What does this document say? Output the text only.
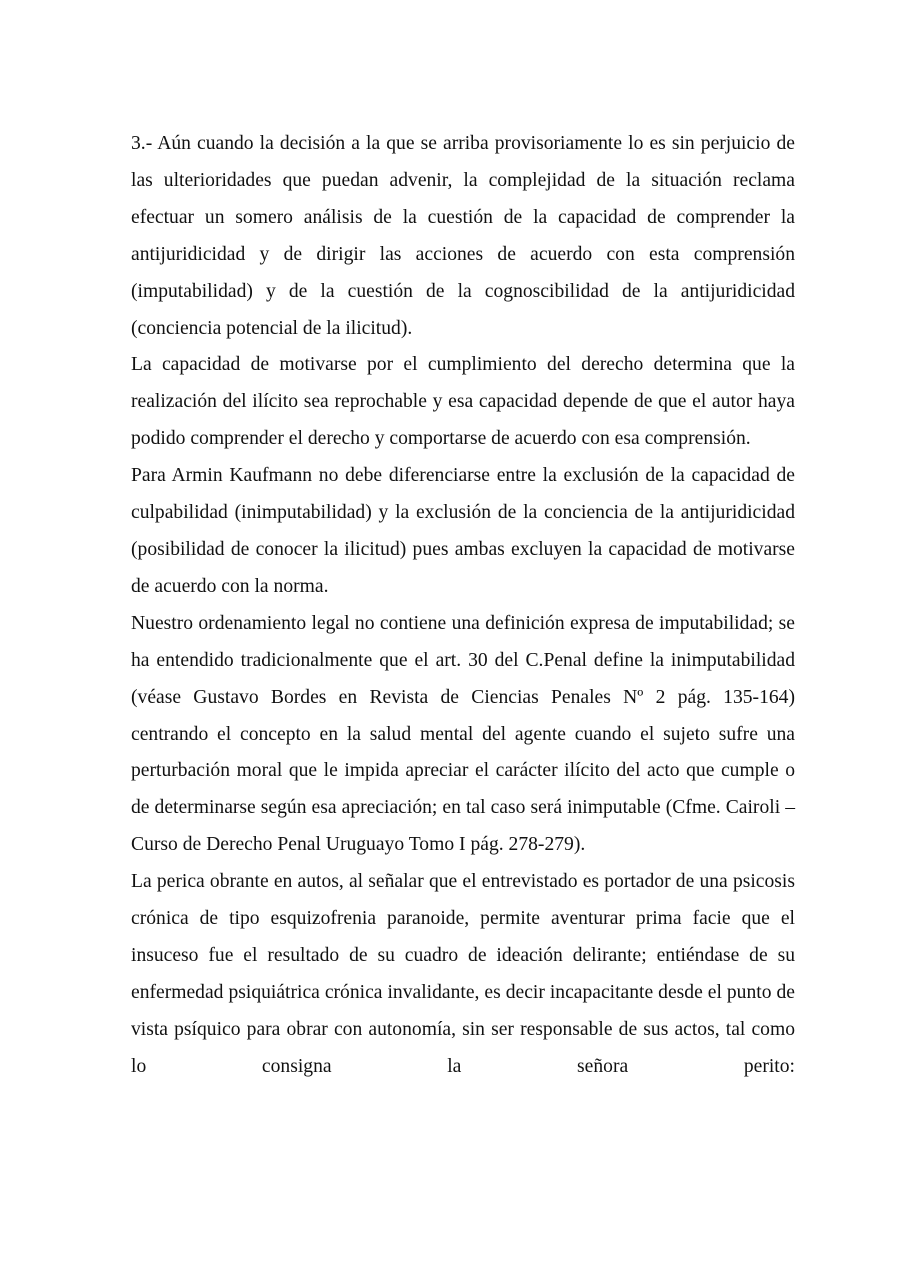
3.- Aún cuando la decisión a la que se arriba provisoriamente lo es sin perjuicio de las ulterioridades que puedan advenir, la complejidad de la situación reclama efectuar un somero análisis de la cuestión de la capacidad de comprender la antijuridicidad y de dirigir las acciones de acuerdo con esta comprensión (imputabilidad) y de la cuestión de la cognoscibilidad de la antijuridicidad (conciencia potencial de la ilicitud).

La capacidad de motivarse por el cumplimiento del derecho determina que la realización del ilícito sea reprochable y esa capacidad depende de que el autor haya podido comprender el derecho y comportarse de acuerdo con esa comprensión.

Para Armin Kaufmann no debe diferenciarse entre la exclusión de la capacidad de culpabilidad (inimputabilidad) y la exclusión de la conciencia de la antijuridicidad (posibilidad de conocer la ilicitud) pues ambas excluyen la capacidad de motivarse de acuerdo con la norma.

Nuestro ordenamiento legal no contiene una definición expresa de imputabilidad; se ha entendido tradicionalmente que el art. 30 del C.Penal define la inimputabilidad (véase Gustavo Bordes en Revista de Ciencias Penales Nº 2 pág. 135-164) centrando el concepto en la salud mental del agente cuando el sujeto sufre una perturbación moral que le impida apreciar el carácter ilícito del acto que cumple o de determinarse según esa apreciación; en tal caso será inimputable (Cfme. Cairoli – Curso de Derecho Penal Uruguayo Tomo I pág. 278-279).

La perica obrante en autos, al señalar que el entrevistado es portador de una psicosis crónica de tipo esquizofrenia paranoide, permite aventurar prima facie que el insuceso fue el resultado de su cuadro de ideación delirante; entiéndase de su enfermedad psiquiátrica crónica invalidante, es decir incapacitante desde el punto de vista psíquico para obrar con autonomía, sin ser responsable de sus actos, tal como lo consigna la señora perito:
